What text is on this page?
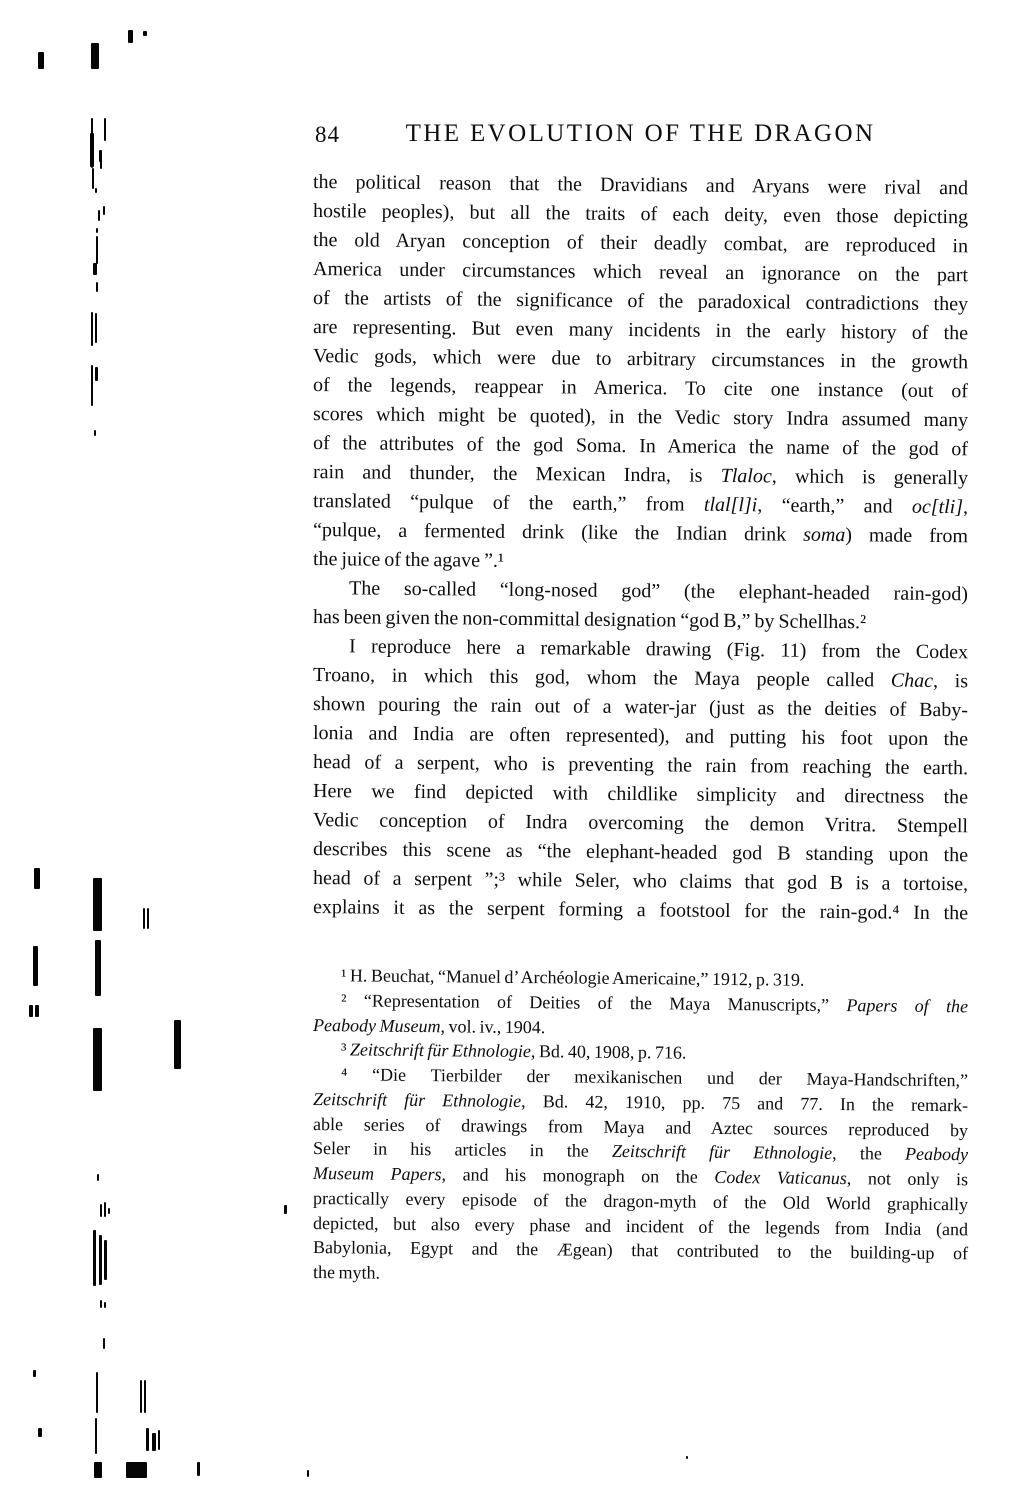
84	THE EVOLUTION OF THE DRAGON
the political reason that the Dravidians and Aryans were rival and
hostile peoples), but all the traits of each deity, even those depicting
the old Aryan conception of their deadly combat, are reproduced in
America under circumstances which reveal an ignorance on the part
of the artists of the significance of the paradoxical contradictions they
are representing. But even many incidents in the early history of the
Vedic gods, which were due to arbitrary circumstances in the growth
of the legends, reappear in America. To cite one instance (out of
scores which might be quoted), in the Vedic story Indra assumed many
of the attributes of the god Soma. In America the name of the god of
rain and thunder, the Mexican Indra, is Tlaloc, which is generally
translated “pulque of the earth,” from tlal[l]i, “earth,” and oc[tli],
“pulque, a fermented drink (like the Indian drink soma) made from
the juice of the agave ”.¹
The so-called “long-nosed god” (the elephant-headed rain-god)
has been given the non-committal designation “god B,” by Schellhas.²
I reproduce here a remarkable drawing (Fig. 11) from the Codex
Troano, in which this god, whom the Maya people called Chac, is
shown pouring the rain out of a water-jar (just as the deities of Baby-
lonia and India are often represented), and putting his foot upon the
head of a serpent, who is preventing the rain from reaching the earth.
Here we find depicted with childlike simplicity and directness the
Vedic conception of Indra overcoming the demon Vritra. Stempell
describes this scene as “the elephant-headed god B standing upon the
head of a serpent ”;³ while Seler, who claims that god B is a tortoise,
explains it as the serpent forming a footstool for the rain-god.⁴ In the
¹ H. Beuchat, “Manuel d’ Archéologie Americaine,” 1912, p. 319.
² “Representation of Deities of the Maya Manuscripts,” Papers of the
Peabody Museum, vol. iv., 1904.
³ Zeitschrift für Ethnologie, Bd. 40, 1908, p. 716.
⁴ “Die Tierbilder der mexikanischen und der Maya-Handschriften,”
Zeitschrift für Ethnologie, Bd. 42, 1910, pp. 75 and 77. In the remark-
able series of drawings from Maya and Aztec sources reproduced by
Seler in his articles in the Zeitschrift für Ethnologie, the Peabody
Museum Papers, and his monograph on the Codex Vaticanus, not only is
practically every episode of the dragon-myth of the Old World graphically
depicted, but also every phase and incident of the legends from India (and
Babylonia, Egypt and the Ægean) that contributed to the building-up of
the myth.
